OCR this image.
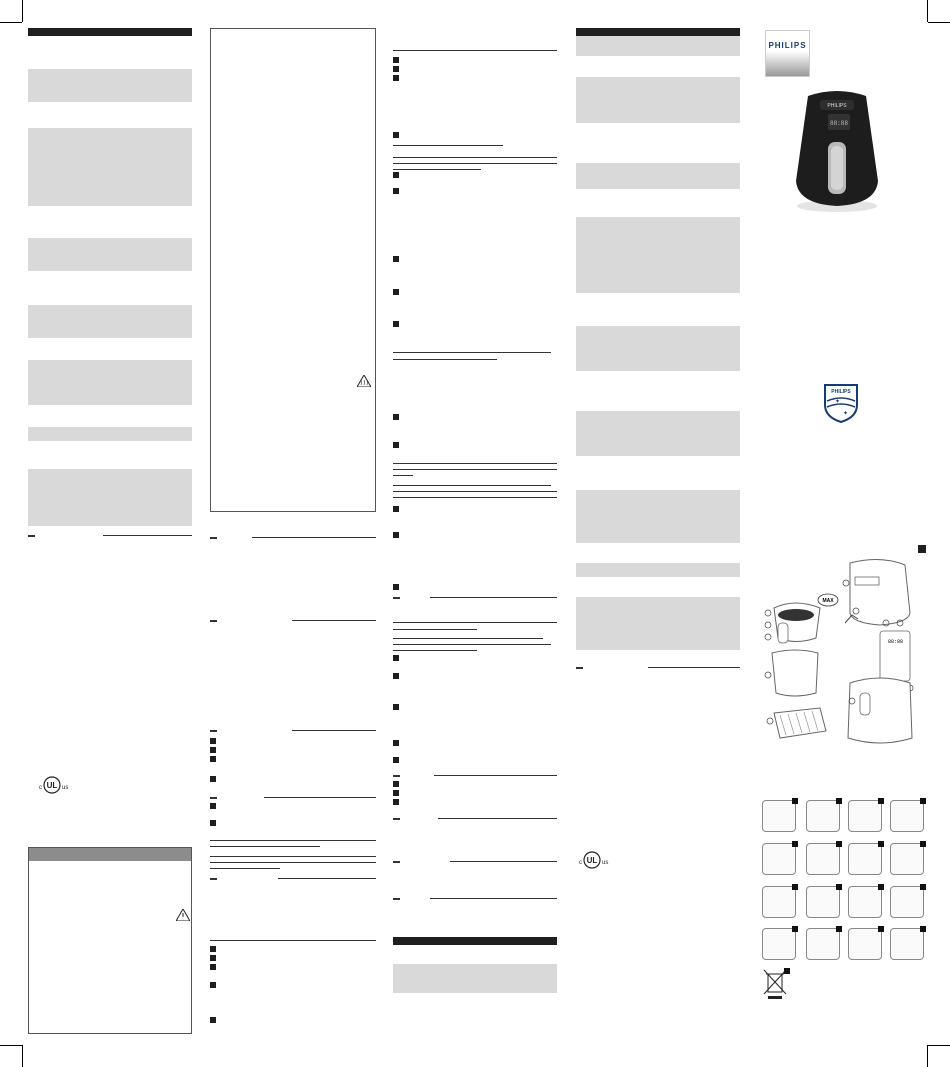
UL
c	us
UL
c	us
PHILIPS
PHILIPS
88:88
PHILIPS
✦
✦
MAX
88:88
